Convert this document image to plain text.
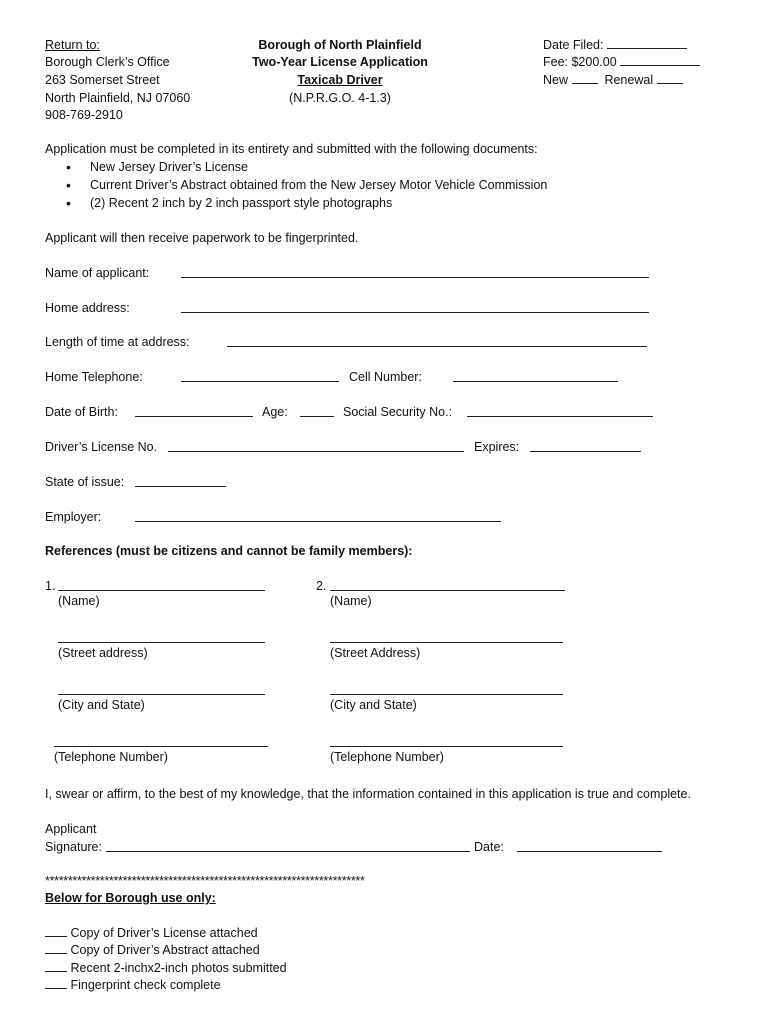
Return to:
Borough Clerk’s Office
263 Somerset Street
North Plainfield, NJ 07060
908-769-2910
Borough of North Plainfield
Two-Year License Application
Taxicab Driver
(N.P.R.G.O. 4-1.3)
Date Filed:
Fee: $200.00
New	Renewal
Application must be completed in its entirety and submitted with the following documents:
• New Jersey Driver’s License
• Current Driver’s Abstract obtained from the New Jersey Motor Vehicle Commission
• (2) Recent 2 inch by 2 inch passport style photographs
Applicant will then receive paperwork to be fingerprinted.
Name of applicant:
Home address:
Length of time at address:
Home Telephone:	Cell Number:
Date of Birth:	Age:	Social Security No.:
Driver’s License No.	Expires:
State of issue:
Employer:
References (must be citizens and cannot be family members):
1.
(Name)
(Street address)
(City and State)
(Telephone Number)
2.
(Name)
(Street Address)
(City and State)
(Telephone Number)
I, swear or affirm, to the best of my knowledge, that the information contained in this application is true and complete.
Applicant
Signature:	Date:
**********************************************************************
Below for Borough use only:
Copy of Driver’s License attached
Copy of Driver’s Abstract attached
Recent 2-inchx2-inch photos submitted
Fingerprint check complete
